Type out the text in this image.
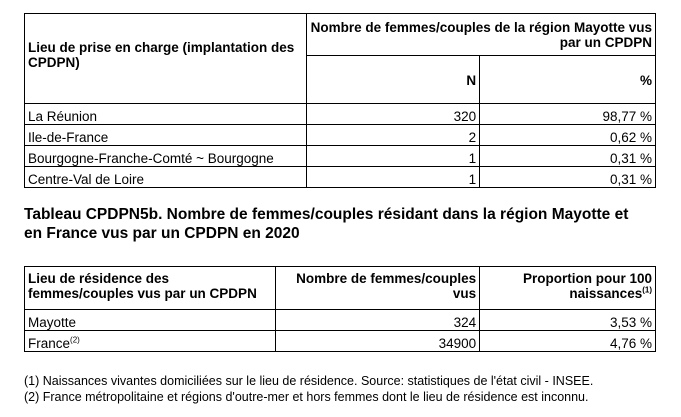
Lieu de prise en charge (implantation des CPDPN)	Nombre de femmes/couples de la région Mayotte vus par un CPDPN	
	N	%
La Réunion	320	98,77 %
Ile-de-France	2	0,62 %
Bourgogne-Franche-Comté ~ Bourgogne	1	0,31 %
Centre-Val de Loire	1	0,31 %
Tableau CPDPN5b. Nombre de femmes/couples résidant dans la région Mayotte et en France vus par un CPDPN en 2020
Lieu de résidence des femmes/couples vus par un CPDPN	Nombre de femmes/couples vus	Proportion pour 100 naissances$^{(1)}$
Mayotte	324	3,53 %
France$^{(2)}$	34900	4,76 %
(1) Naissances vivantes domiciliées sur le lieu de résidence. Source: statistiques de l'état civil - INSEE.
(2) France métropolitaine et régions d'outre-mer et hors femmes dont le lieu de résidence est inconnu.
